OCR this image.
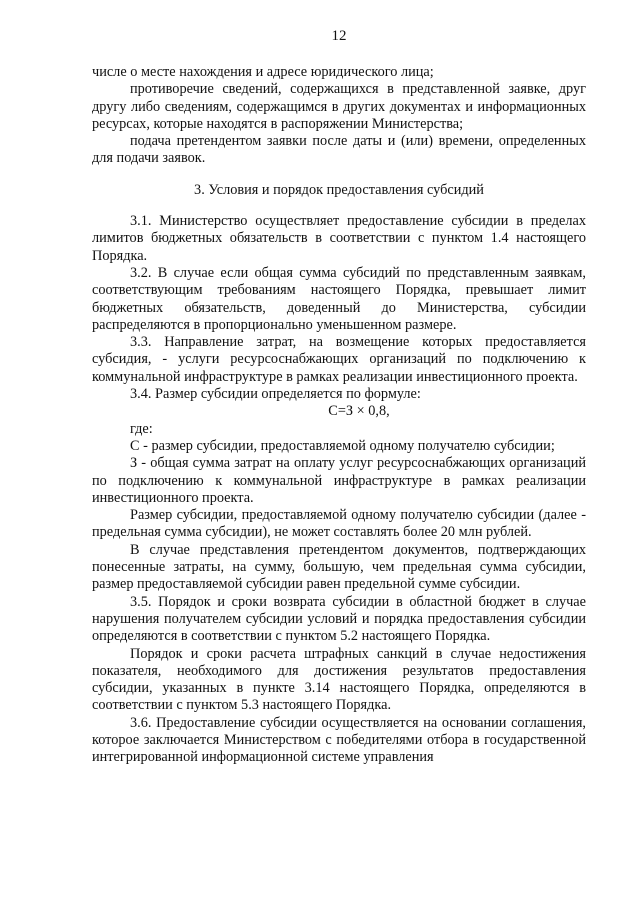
12

числе о месте нахождения и адресе юридического лица;

противоречие сведений, содержащихся в представленной заявке, друг другу либо сведениям, содержащимся в других документах и информационных ресурсах, которые находятся в распоряжении Министерства;

подача претендентом заявки после даты и (или) времени, определенных для подачи заявок.

3. Условия и порядок предоставления субсидий

3.1. Министерство осуществляет предоставление субсидии в пределах лимитов бюджетных обязательств в соответствии с пунктом 1.4 настоящего Порядка.

3.2. В случае если общая сумма субсидий по представленным заявкам, соответствующим требованиям настоящего Порядка, превышает лимит бюджетных обязательств, доведенный до Министерства, субсидии распределяются в пропорционально уменьшенном размере.

3.3. Направление затрат, на возмещение которых предоставляется субсидия, - услуги ресурсоснабжающих организаций по подключению к коммунальной инфраструктуре в рамках реализации инвестиционного проекта.

3.4. Размер субсидии определяется по формуле:

С=З × 0,8,

где:

С - размер субсидии, предоставляемой одному получателю субсидии;

З - общая сумма затрат на оплату услуг ресурсоснабжающих организаций по подключению к коммунальной инфраструктуре в рамках реализации инвестиционного проекта.

Размер субсидии, предоставляемой одному получателю субсидии (далее - предельная сумма субсидии), не может составлять более 20 млн рублей.

В случае представления претендентом документов, подтверждающих понесенные затраты, на сумму, большую, чем предельная сумма субсидии, размер предоставляемой субсидии равен предельной сумме субсидии.

3.5. Порядок и сроки возврата субсидии в областной бюджет в случае нарушения получателем субсидии условий и порядка предоставления субсидии определяются в соответствии с пунктом 5.2 настоящего Порядка.

Порядок и сроки расчета штрафных санкций в случае недостижения показателя, необходимого для достижения результатов предоставления субсидии, указанных в пункте 3.14 настоящего Порядка, определяются в соответствии с пунктом 5.3 настоящего Порядка.

3.6. Предоставление субсидии осуществляется на основании соглашения, которое заключается Министерством с победителями отбора в государственной интегрированной информационной системе управления
